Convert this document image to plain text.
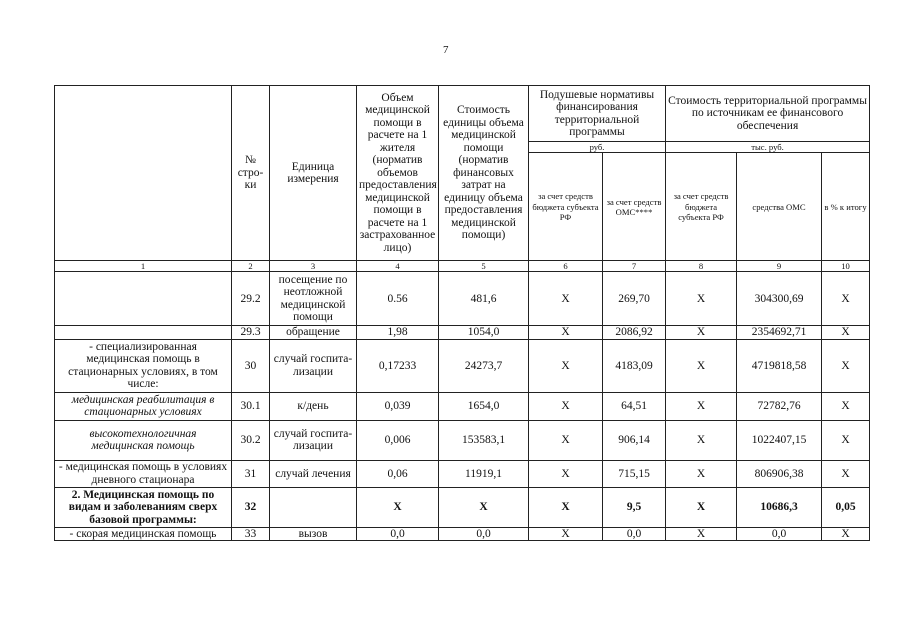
7
	№ стро-ки	Единица измерения	Объем медицинской помощи в расчете на 1 жителя (норматив объемов предоставления медицинской помощи в расчете на 1 застрахованное лицо)	Стоимость единицы объема медицинской помощи (норматив финансовых затрат на единицу объема предоставления медицинской помощи)	Подушевые нормативы финансирования территориальной программы		Стоимость территориальной программы по источникам ее финансового обеспечения		
					руб.		тыс. руб.		
					за счет средств бюджета субъекта РФ	за счет средств ОМС****	за счет средств бюджета субъекта РФ	средства ОМС	в % к итогу
1	2	3	4	5	6	7	8	9	10
	29.2	посещение по неотложной медицинской помощи	0.56	481,6	X	269,70	X	304300,69	X
	29.3	обращение	1,98	1054,0	X	2086,92	X	2354692,71	X
- специализированная медицинская помощь в стационарных условиях, в том числе:	30	случай госпита-лизации	0,17233	24273,7	X	4183,09	X	4719818,58	X
медицинская реабилитация в стационарных условиях	30.1	к/день	0,039	1654,0	X	64,51	X	72782,76	X
высокотехнологичная медицинская помощь	30.2	случай госпита-лизации	0,006	153583,1	X	906,14	X	1022407,15	X
- медицинская помощь в условиях дневного стационара	31	случай лечения	0,06	11919,1	X	715,15	X	806906,38	X
2. Медицинская помощь по видам и заболеваниям сверх базовой программы:	32		X	X	X	9,5	X	10686,3	0,05
- скорая медицинская помощь	33	вызов	0,0	0,0	X	0,0	X	0,0	X
